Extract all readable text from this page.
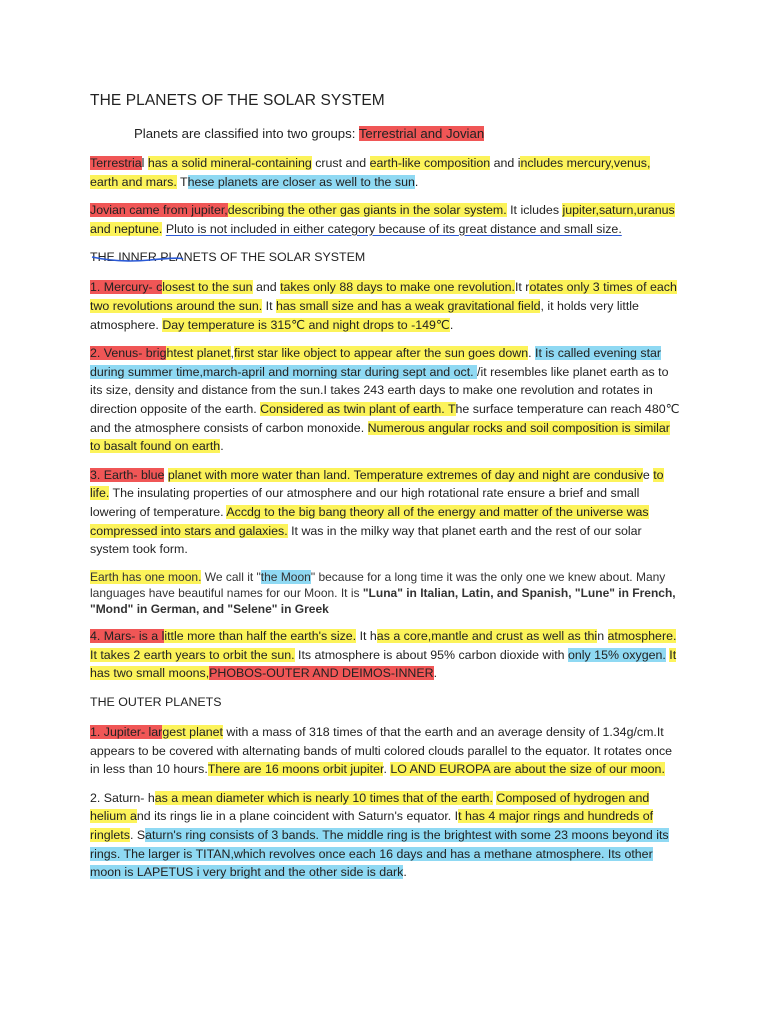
THE PLANETS OF THE SOLAR SYSTEM

Planets are classified into two groups: Terrestrial and Jovian

Terrestrial has a solid mineral-containing crust and earth-like composition and includes mercury,venus, earth and mars. These planets are closer as well to the sun.

Jovian came from jupiter,describing the other gas giants in the solar system. It icludes jupiter,saturn,uranus and neptune. Pluto is not included in either category because of its great distance and small size.

THE INNER PLANETS OF THE SOLAR SYSTEM

1. Mercury- closest to the sun and takes only 88 days to make one revolution.It rotates only 3 times of each two revolutions around the sun. It has small size and has a weak gravitational field, it holds very little atmosphere. Day temperature is 315℃ and night drops to -149℃.

2. Venus- brightest planet,first star like object to appear after the sun goes down. It is called evening star during summer time,march-april and morning star during sept and oct. /it resembles like planet earth as to its size, density and distance from the sun.I takes 243 earth days to make one revolution and rotates in direction opposite of the earth. Considered as twin plant of earth. The surface temperature can reach 480℃ and the atmosphere consists of carbon monoxide. Numerous angular rocks and soil composition is similar to basalt found on earth.

3. Earth- blue planet with more water than land. Temperature extremes of day and night are condusive to life. The insulating properties of our atmosphere and our high rotational rate ensure a brief and small lowering of temperature. Accdg to the big bang theory all of the energy and matter of the universe was compressed into stars and galaxies. It was in the milky way that planet earth and the rest of our solar system took form.

Earth has one moon. We call it "the Moon" because for a long time it was the only one we knew about. Many languages have beautiful names for our Moon. It is "Luna" in Italian, Latin, and Spanish, "Lune" in French, "Mond" in German, and "Selene" in Greek

4. Mars- is a little more than half the earth's size. It has a core,mantle and crust as well as thin atmosphere. It takes 2 earth years to orbit the sun. Its atmosphere is about 95% carbon dioxide with only 15% oxygen. It has two small moons,PHOBOS-OUTER AND DEIMOS-INNER.

THE OUTER PLANETS

1. Jupiter- largest planet with a mass of 318 times of that the earth and an average density of 1.34g/cm.It appears to be covered with alternating bands of multi colored clouds parallel to the equator. It rotates once in less than 10 hours.There are 16 moons orbit jupiter. LO AND EUROPA are about the size of our moon.

2. Saturn- has a mean diameter which is nearly 10 times that of the earth. Composed of hydrogen and helium and its rings lie in a plane coincident with Saturn's equator. It has 4 major rings and hundreds of ringlets. Saturn's ring consists of 3 bands. The middle ring is the brightest with some 23 moons beyond its rings. The larger is TITAN,which revolves once each 16 days and has a methane atmosphere. Its other moon is LAPETUS i very bright and the other side is dark.
